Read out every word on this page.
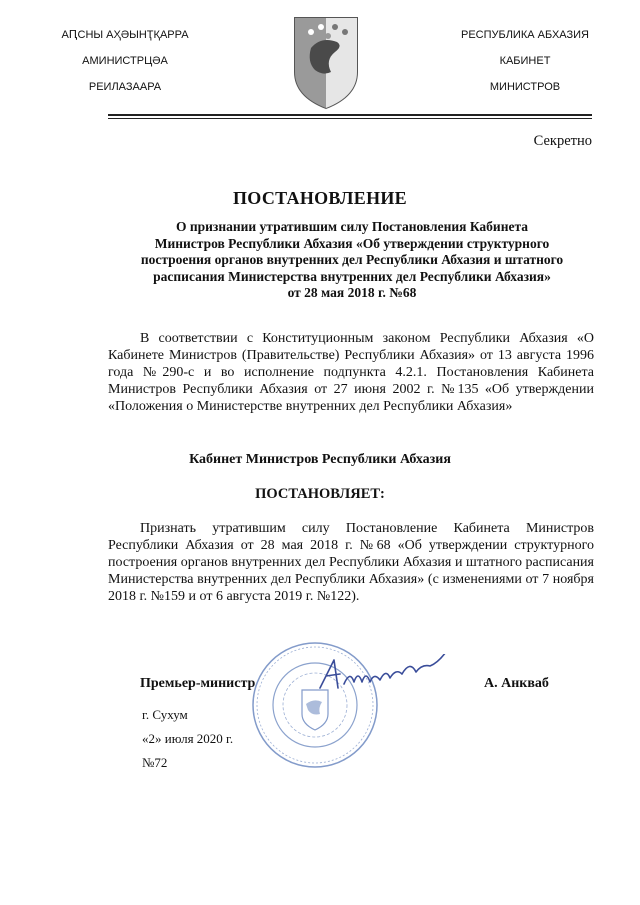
АԤСНЫ АҲӘЫНҬҚАРРА
АМИНИСТРЦӘА
РЕИЛАЗААРА
РЕСПУБЛИКА АБХАЗИЯ
КАБИНЕТ
МИНИСТРОВ
Секретно
ПОСТАНОВЛЕНИЕ
О признании утратившим силу Постановления Кабинета
Министров Республики Абхазия «Об утверждении структурного
построения органов внутренних дел Республики Абхазия и штатного
расписания Министерства внутренних дел Республики Абхазия»
от 28 мая 2018 г. №68

В соответствии с Конституционным законом Республики Абхазия «О Кабинете Министров (Правительстве) Республики Абхазия» от 13 августа 1996 года №290-с и во исполнение подпункта 4.2.1. Постановления Кабинета Министров Республики Абхазия от 27 июня 2002 г. №135 «Об утверждении «Положения о Министерстве внутренних дел Республики Абхазия»

Кабинет Министров Республики Абхазия
ПОСТАНОВЛЯЕТ:

Признать утратившим силу Постановление Кабинета Министров Республики Абхазия от 28 мая 2018 г. №68 «Об утверждении структурного построения органов внутренних дел Республики Абхазия и штатного расписания Министерства внутренних дел Республики Абхазия» (с изменениями от 7 ноября 2018 г. №159 и от 6 августа 2019 г. №122).

Премьер-министр	А. Анкваб
г. Сухум
«2» июля 2020 г.
№72
